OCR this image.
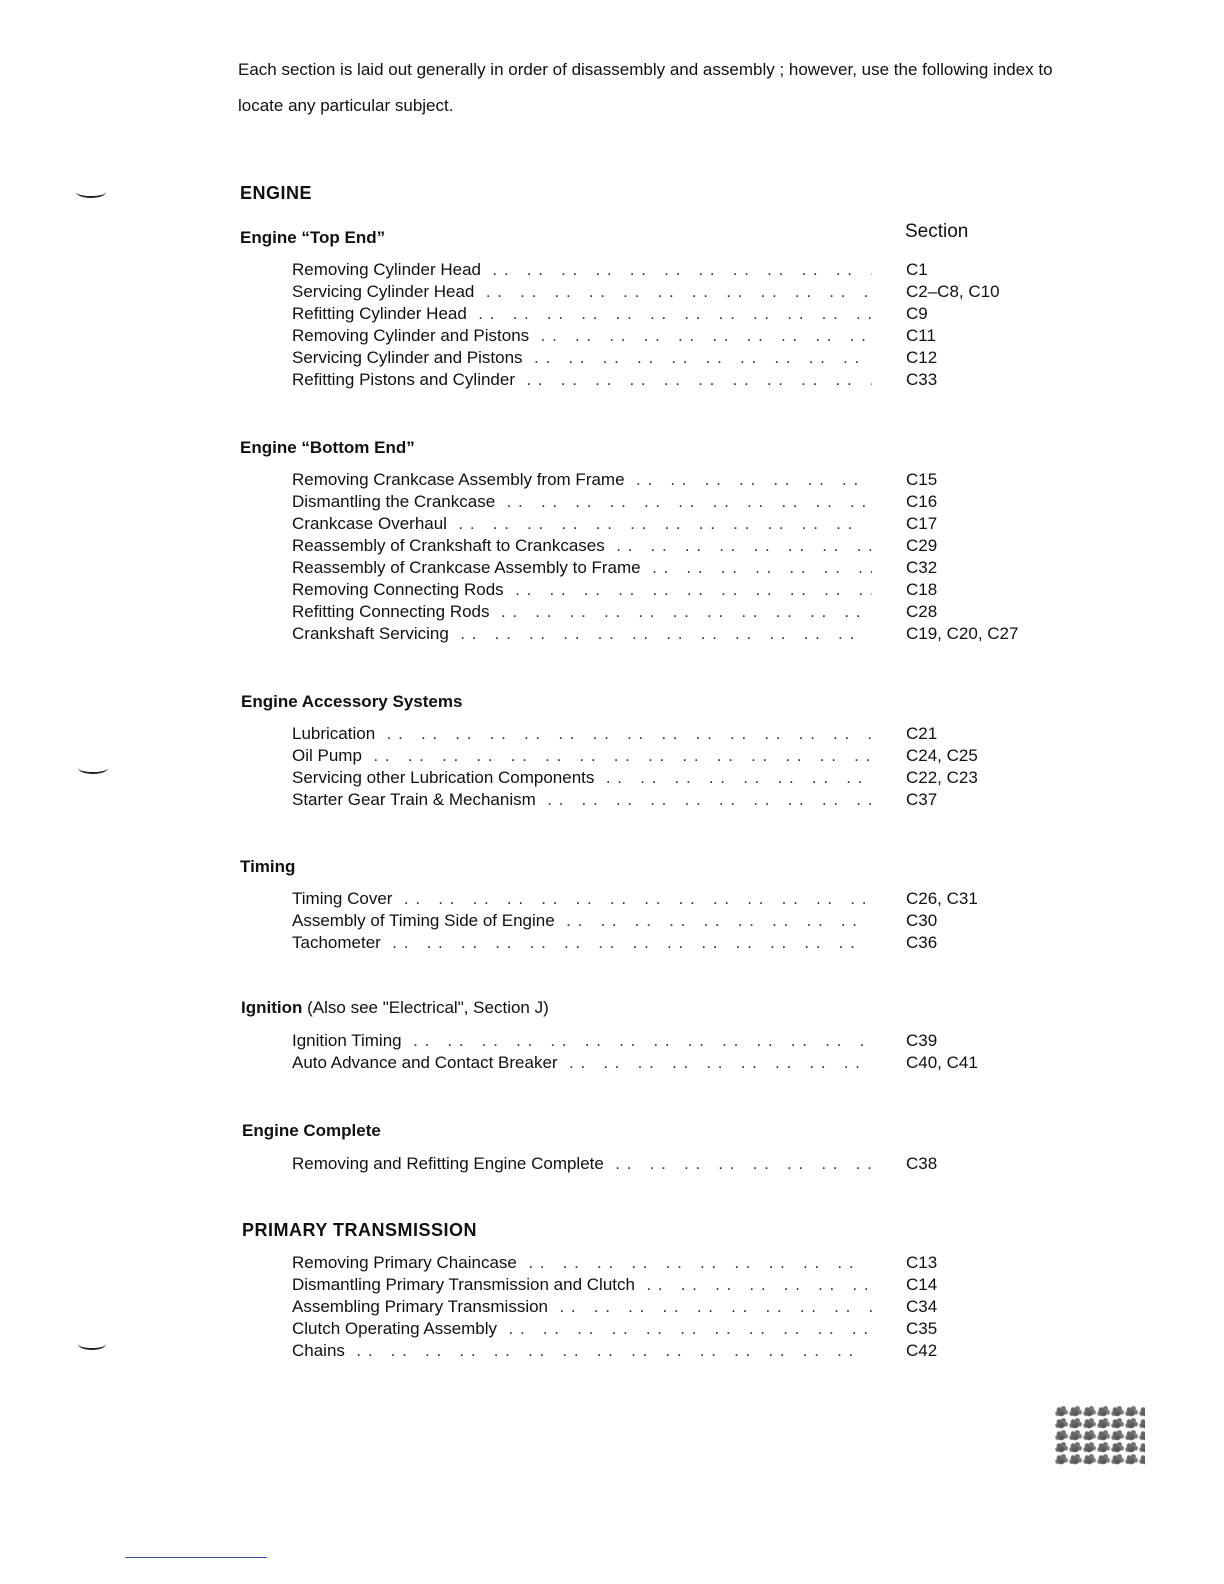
Each section is laid out generally in order of disassembly and assembly ; however, use the following index to locate any particular subject.

ENGINE
Engine “Top End”	Section
Removing Cylinder Head . .	C1
Servicing Cylinder Head . .	C2–C8, C10
Refitting Cylinder Head . .	C9
Removing Cylinder and Pistons . .	C11
Servicing Cylinder and Pistons . .	C12
Refitting Pistons and Cylinder . .	C33
Engine “Bottom End”
Removing Crankcase Assembly from Frame . .	C15
Dismantling the Crankcase . .	C16
Crankcase Overhaul . .	C17
Reassembly of Crankshaft to Crankcases . .	C29
Reassembly of Crankcase Assembly to Frame . .	C32
Removing Connecting Rods . .	C18
Refitting Connecting Rods . .	C28
Crankshaft Servicing . .	C19, C20, C27
Engine Accessory Systems
Lubrication . .	C21
Oil Pump . .	C24, C25
Servicing other Lubrication Components . .	C22, C23
Starter Gear Train & Mechanism . .	C37
Timing
Timing Cover . .	C26, C31
Assembly of Timing Side of Engine . .	C30
Tachometer . .	C36
Ignition (Also see "Electrical", Section J)
Ignition Timing . .	C39
Auto Advance and Contact Breaker . .	C40, C41
Engine Complete
Removing and Refitting Engine Complete . .	C38
PRIMARY TRANSMISSION
Removing Primary Chaincase . .	C13
Dismantling Primary Transmission and Clutch . .	C14
Assembling Primary Transmission . .	C34
Clutch Operating Assembly . .	C35
Chains . .	C42
